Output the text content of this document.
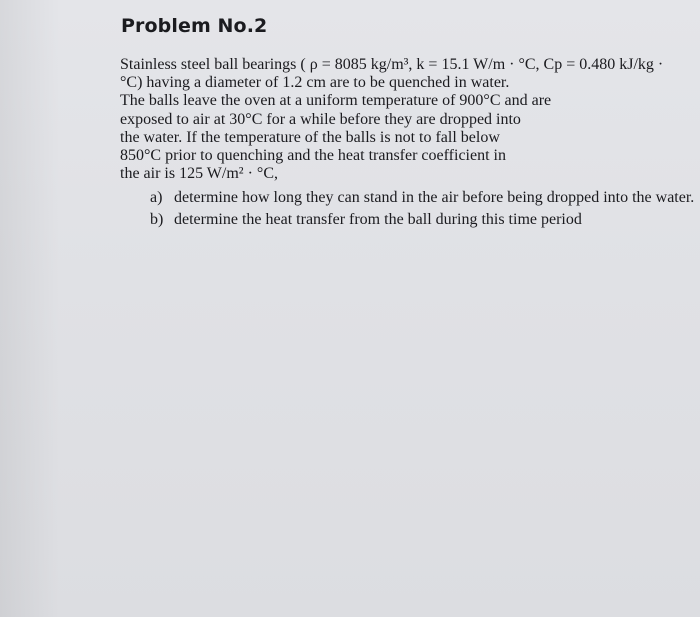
Problem No.2
Stainless steel ball bearings ( ρ = 8085 kg/m³, k = 15.1 W/m · °C, Cp = 0.480 kJ/kg ·
°C) having a diameter of 1.2 cm are to be quenched in water.
The balls leave the oven at a uniform temperature of 900°C and are
exposed to air at 30°C for a while before they are dropped into
the water. If the temperature of the balls is not to fall below
850°C prior to quenching and the heat transfer coefficient in
the air is 125 W/m² · °C,
a) determine how long they can stand in the air before being dropped into the water.
b) determine the heat transfer from the ball during this time period
